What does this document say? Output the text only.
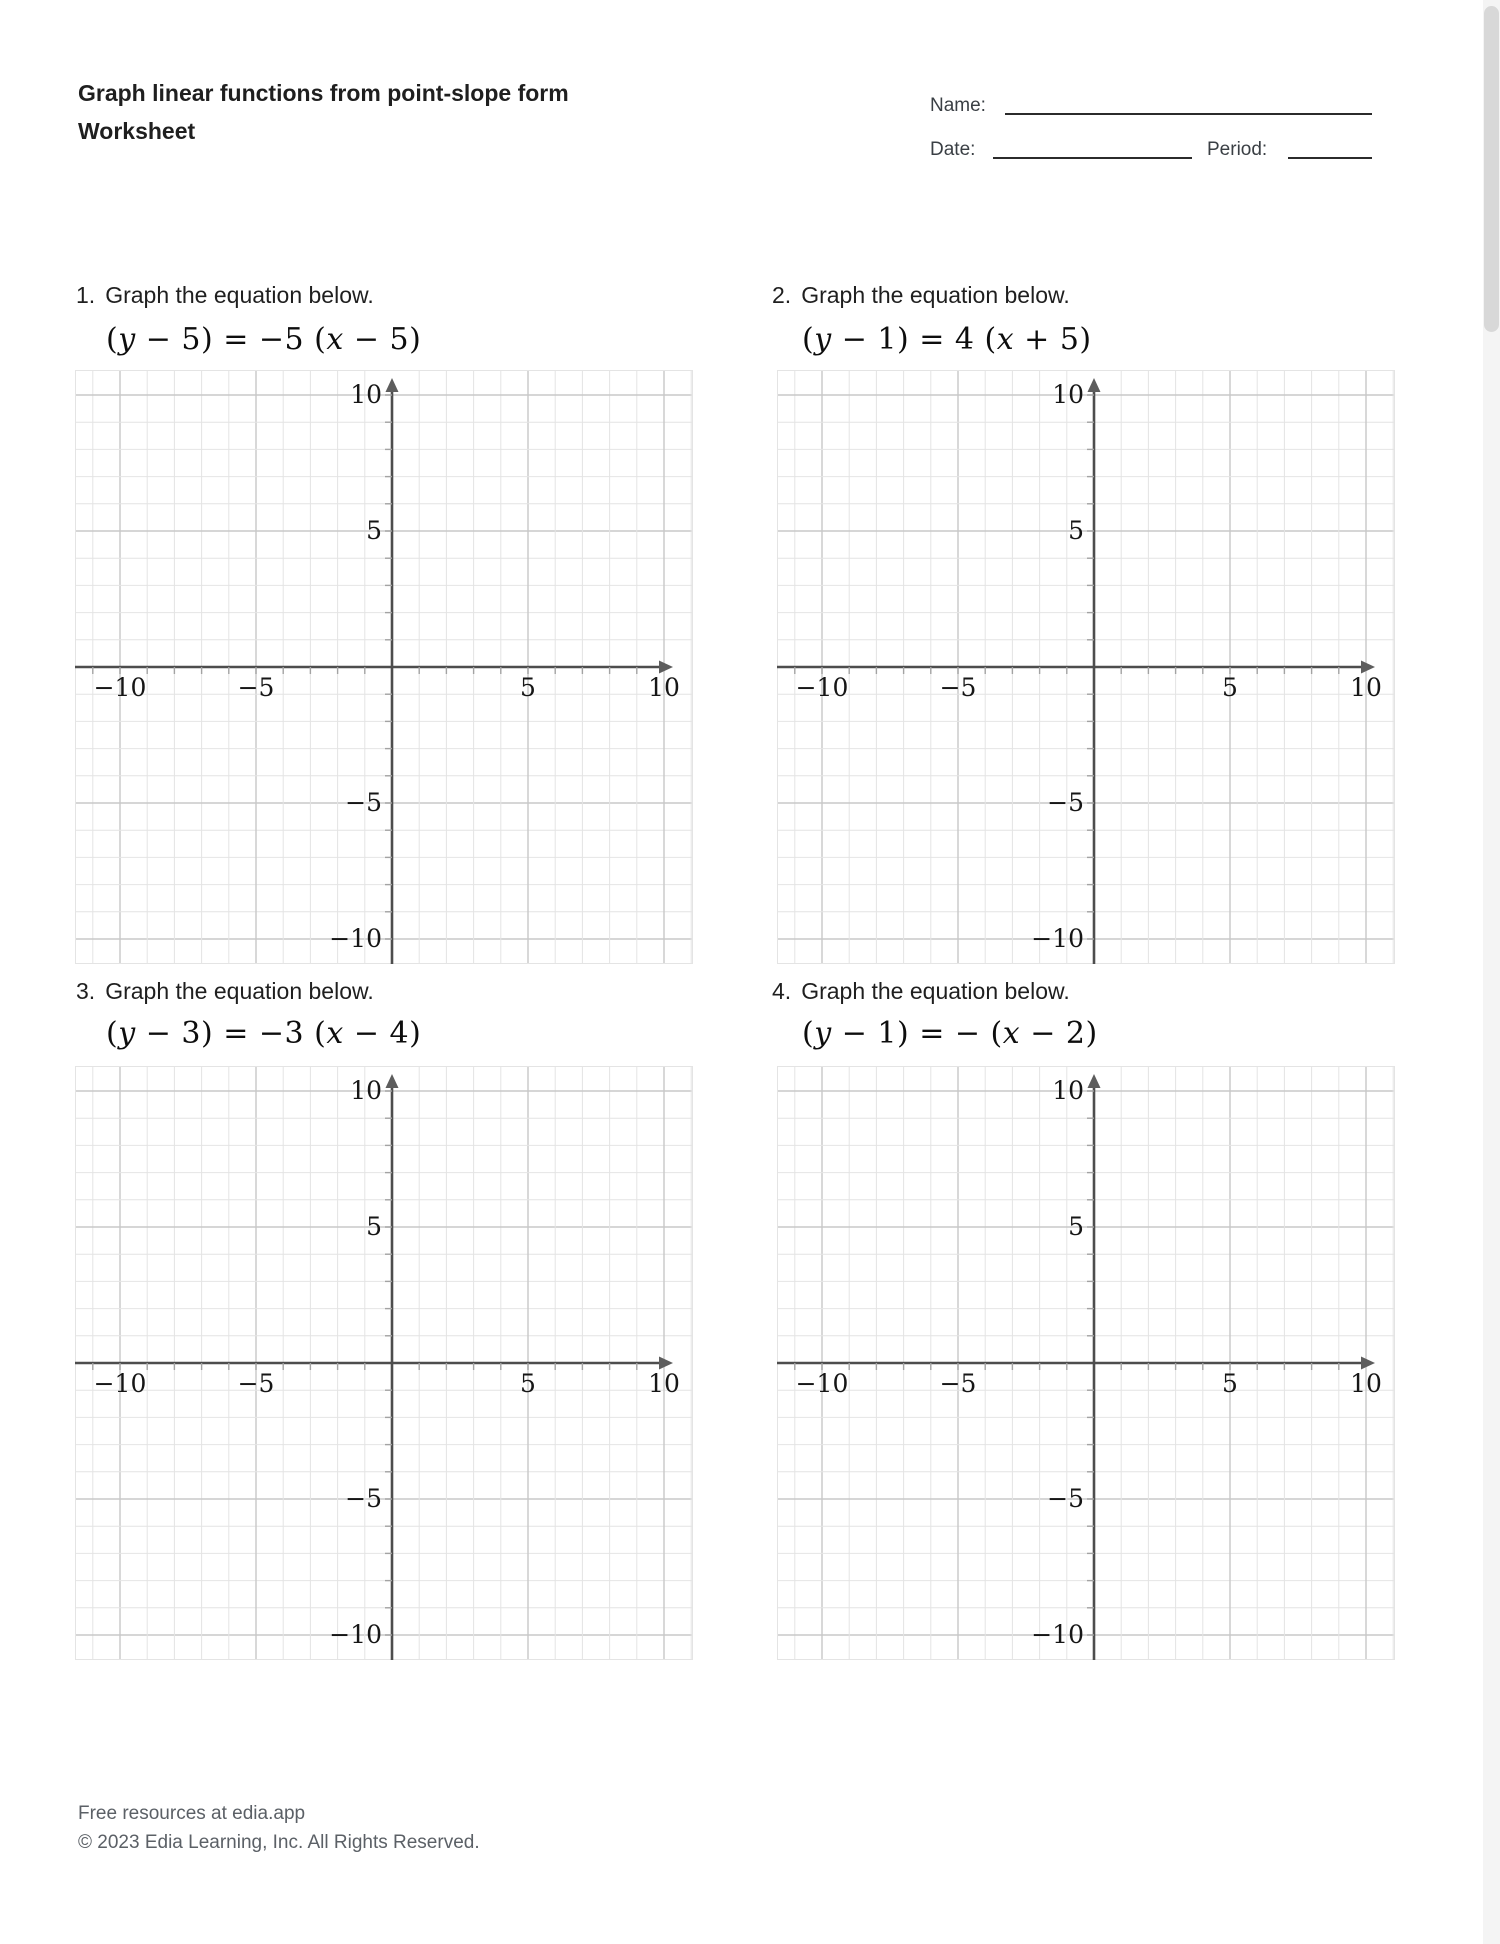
Graph linear functions from point-slope form
Worksheet
Name:
Date:	Period:
1. Graph the equation below.
(y − 5) = −5 (x − 5)
−10	−5	5	10
10
5
−5
−10
2. Graph the equation below.
(y − 1) = 4 (x + 5)
−10	−5	5	10
10
5
−5
−10
3. Graph the equation below.
(y − 3) = −3 (x − 4)
−10	−5	5	10
10
5
−5
−10
4. Graph the equation below.
(y − 1) = − (x − 2)
−10	−5	5	10
10
5
−5
−10
Free resources at edia.app
© 2023 Edia Learning, Inc. All Rights Reserved.
